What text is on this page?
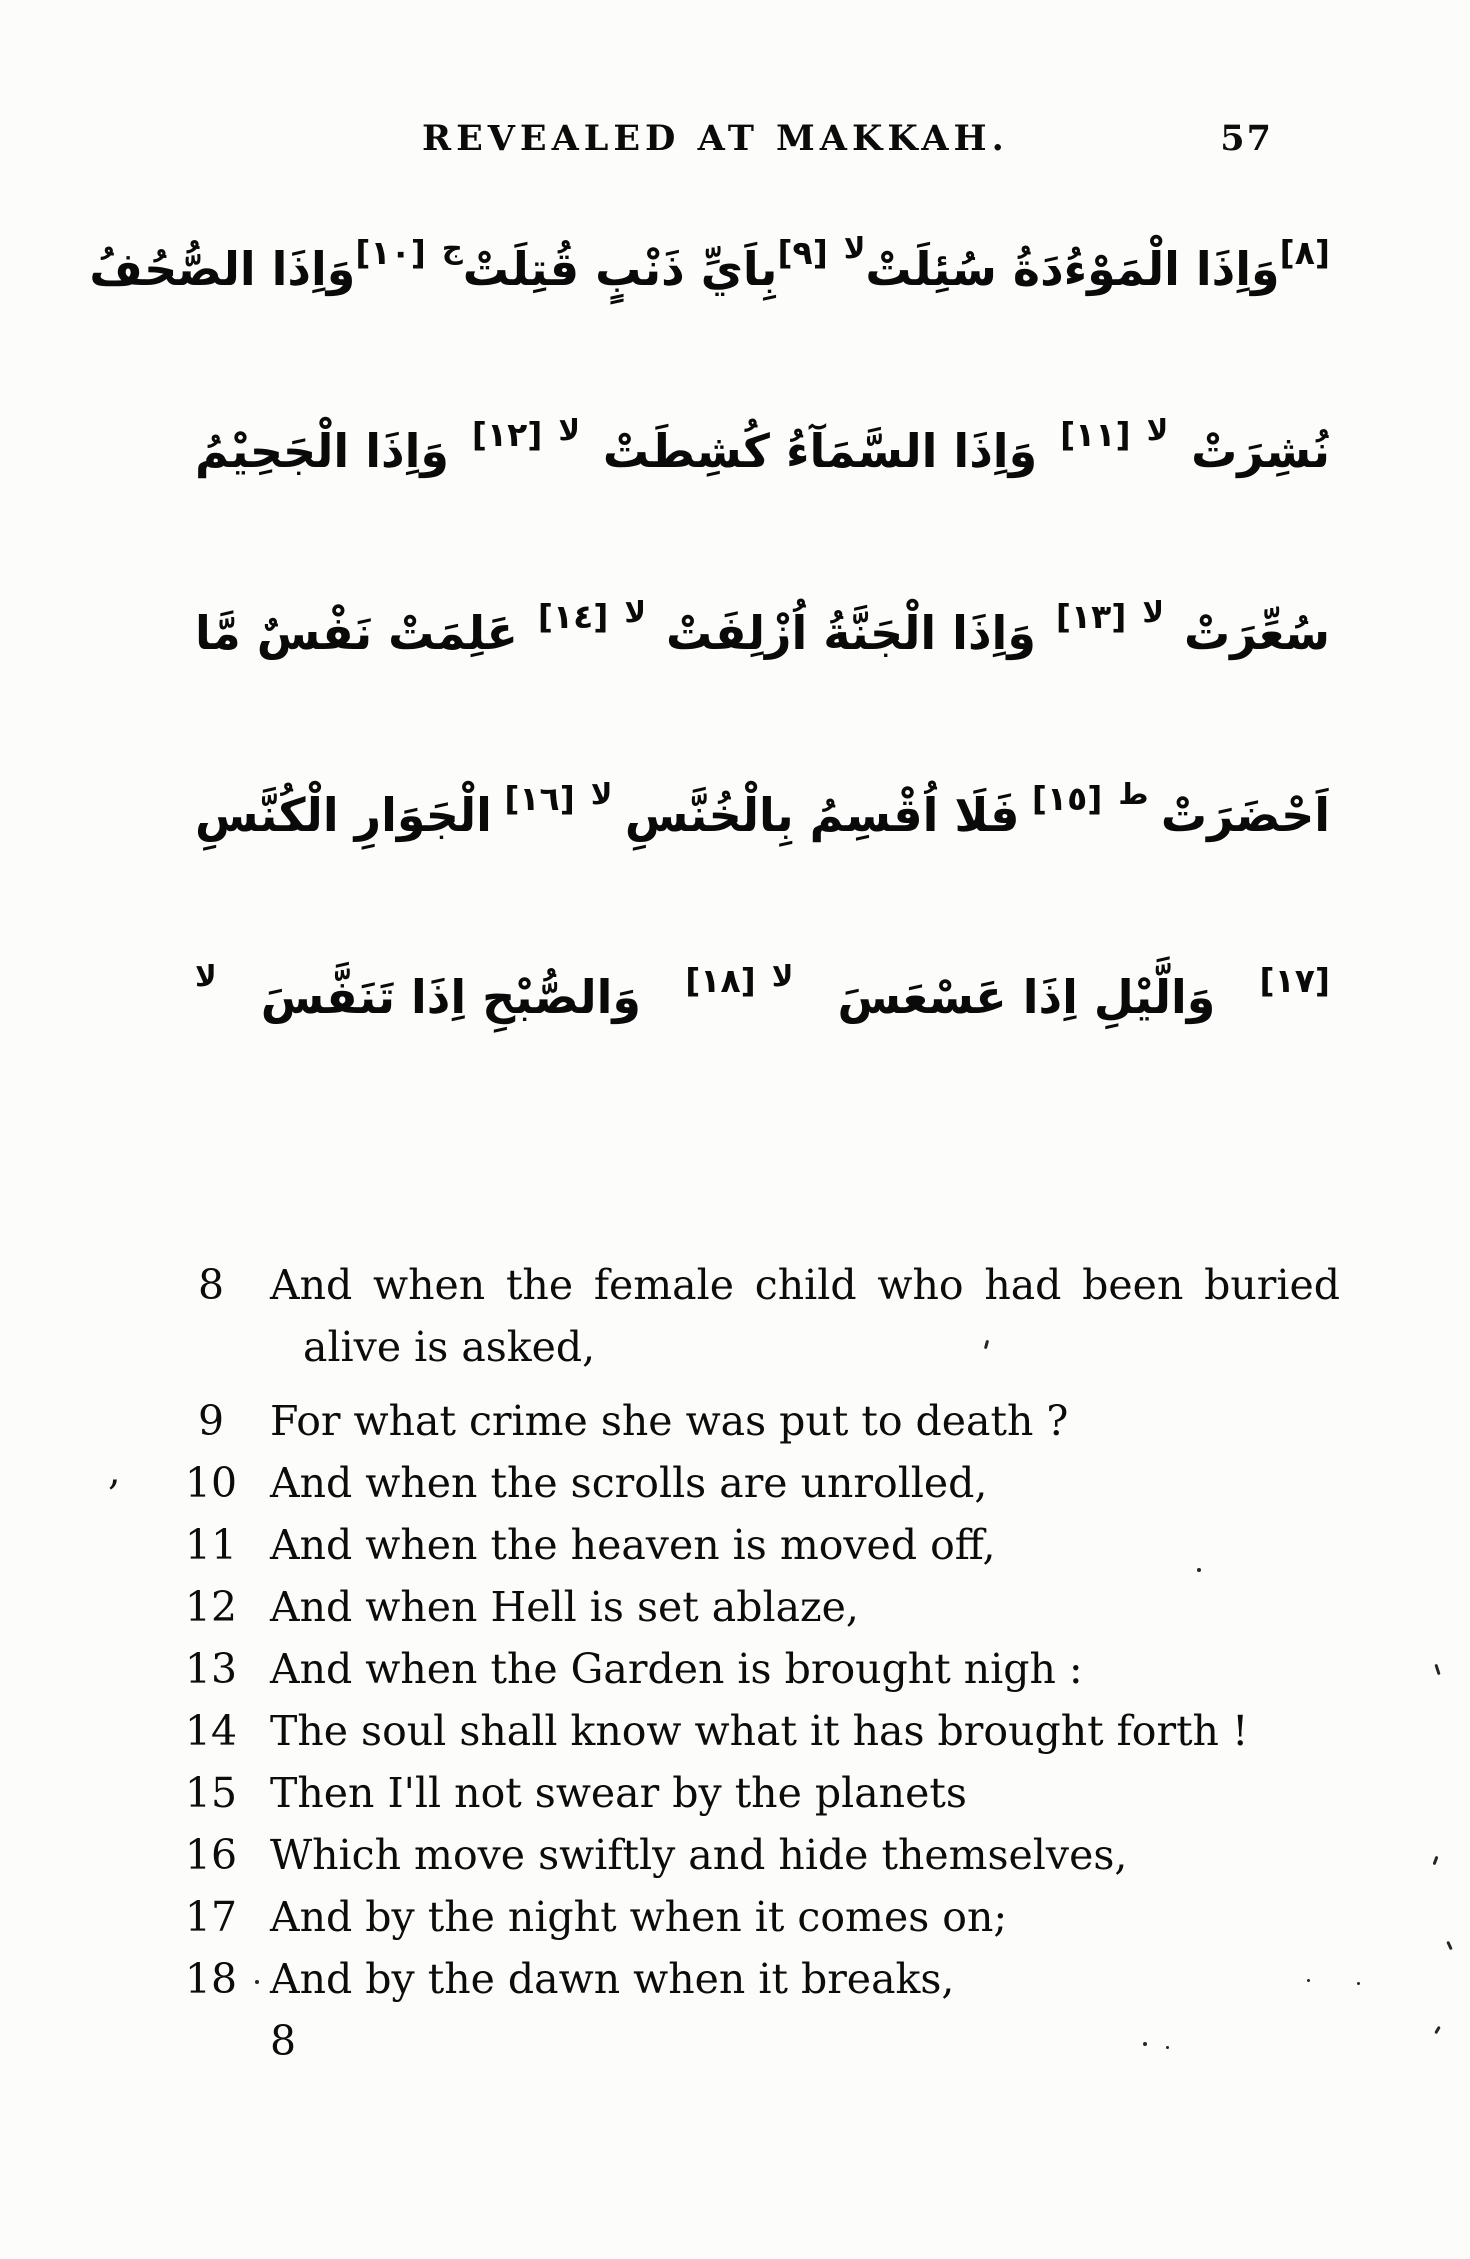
REVEALED AT MAKKAH.	57
[٨]
وَاِذَا الْمَوْءُدَةُ سُئِلَتْ
لا
[٩]
بِاَيِّ ذَنْبٍ قُتِلَتْ
ج
[١٠]
وَاِذَا الصُّحُفُ
نُشِرَتْ
لا
[١١]
وَاِذَا السَّمَآءُ كُشِطَتْ
لا
[١٢]
وَاِذَا الْجَحِيْمُ
سُعِّرَتْ
لا
[١٣]
وَاِذَا الْجَنَّةُ اُزْلِفَتْ
لا
[١٤]
عَلِمَتْ نَفْسٌ مَّا
اَحْضَرَتْ
ط
[١٥]
فَلَا اُقْسِمُ بِالْخُنَّسِ
لا
[١٦]
الْجَوَارِ الْكُنَّسِ
[١٧]
وَالَّيْلِ اِذَا عَسْعَسَ
لا
[١٨]
وَالصُّبْحِ اِذَا تَنَفَّسَ
لا
8	And when the female child who had been buried alive is asked,
9	For what crime she was put to death ?
10 And when the scrolls are unrolled,
11 And when the heaven is moved off,
12 And when Hell is set ablaze,
13 And when the Garden is brought nigh :
14 The soul shall know what it has brought forth !
15 Then I'll not swear by the planets
16 Which move swiftly and hide themselves,
17 And by the night when it comes on;
18 And by the dawn when it breaks,
8
,
